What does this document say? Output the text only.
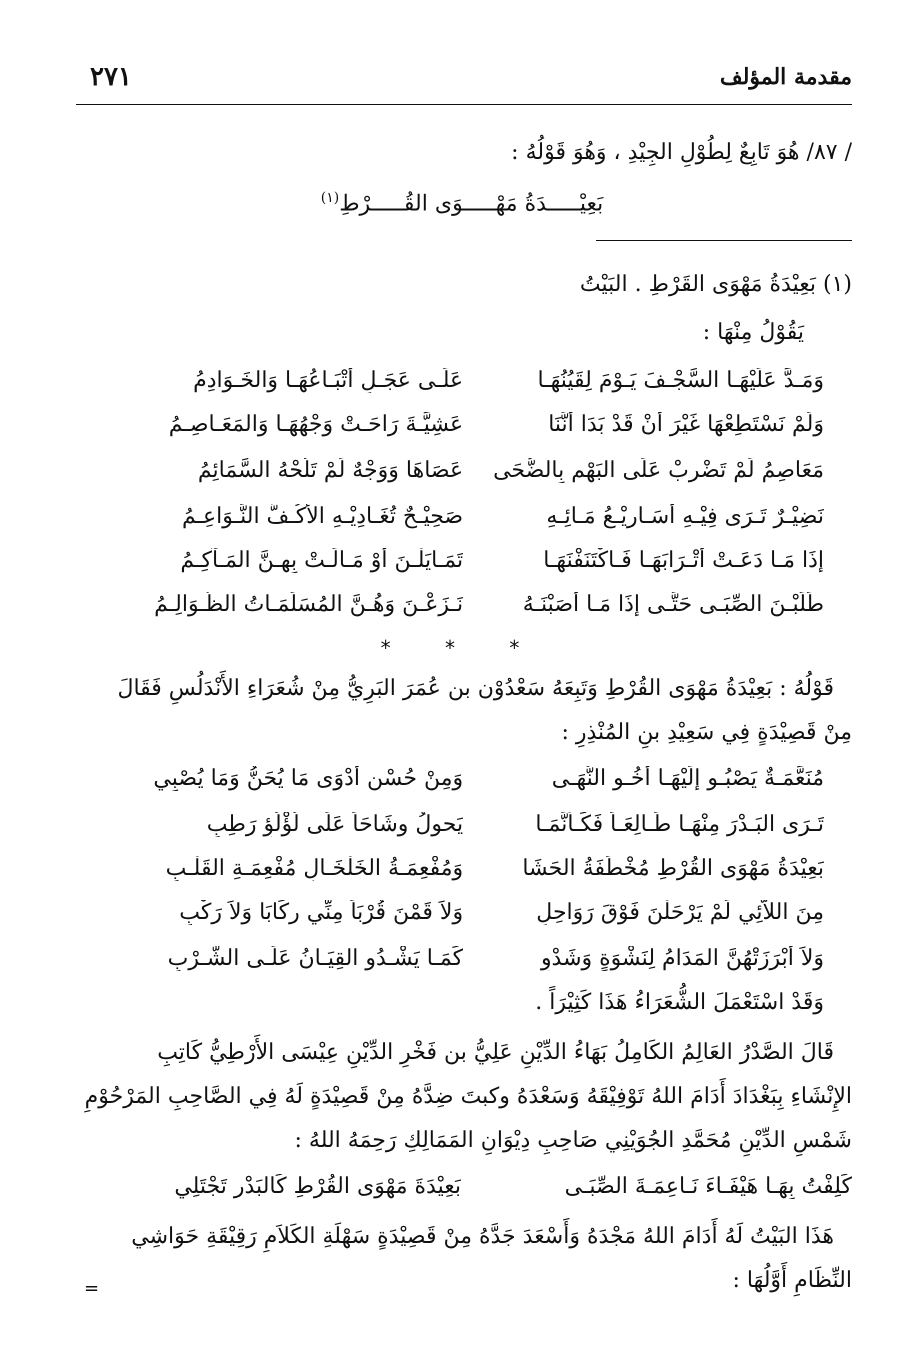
٢٧١	مقدمة المؤلف
/ ٨٧/ هُوَ تَابِعٌ لِطُوْلِ الجِيْدِ ، وَهُوَ قَوْلُهُ :
بَعِيْـــــدَةُ مَهْـــــوَى القُـــــرْطِ$^{(١)}$
(١) بَعِيْدَةُ مَهْوَى القَرْطِ . البَيْتُ
يَقُوْلُ مِنْهَا :
وَمَـدَّ عَلَيْهَـا السَّجْـفَ يَـوْمَ لِقَيُنُهَـا
عَلَـى عَجَـلٍ أَتْبَـاعُهَـا وَالخَـوَادِمُ
وَلَمْ نَسْتَطِعْهَا غَيْرَ أَنْ قَدْ بَدَا أَنَّنَا
عَشِيَّـةَ رَاحَـتْ وَجْهُهَـا وَالمَعَـاصِـمُ
مَعَاصِمُ لَمْ تَضْرِبْ عَلَى البَهْمِ بِالضُّحَى
عَصَاهَا وَوَجْهٌ لَمْ تَلُحْهُ السَّمَائِمُ
نَضِيْـرٌ تَـرَى فِيْـهِ أَسَـارِيْـعُ مَـائِـهِ
صَحِيْـحٌ تُغَـادِيْـهِ الأَكُـفُّ النَّـوَاعِـمُ
إِذَا مَـا دَعَـتْ أَتْـرَابَهَـا فَـاكْتَنَفْنَهَـا
تَمَـايَلْـنَ أَوْ مَـالَـتْ بِهِـنَّ المَـآكِـمُ
طَلَبْـنَ الصِّبَـى حَتَّـى إِذَا مَـا أَصَبْنَـهُ
نَـزَعْـنَ وَهُـنَّ المُسَلِّمَـاتُ الظَّـوَالِـمُ
* * *
قَوْلُهُ : بَعِيْدَةُ مَهْوَى القُرْطِ وَتَبِعَهُ سَعْدُوْن بن عُمَرَ البَرِيُّ مِنْ شُعَرَاءِ الأَنْدَلُسِ فَقَالَ
مِنْ قَصِيْدَةٍ فِي سَعِيْدِ بنِ المُنْذِرِ :
مُنَعَّمَـةٌ يَصْبُـو إِلَيْهَـا أَخُـو النُّهَـى
وَمِنْ حُسْنِ أَدْوَى مَا يُحَنُّ وَمَا يُصْبِي
تَـرَى البَـدْرَ مِنْهَـا طَـالِعَـاً فَكَـأَنَّمَـا
يَحوِلُ وِشَاحَاً عَلَى لُؤْلُؤٍ رَطِبِ
بَعِيْدَةُ مَهْوَى القُرْطِ مُخْطَفَةُ الحَشَا
وَمُفْعِمَـةُ الخَلْخَـالِ مُفْعِمَـةِ القَلْـبِ
مِنَ اللاَّئِي لَمْ يَرْحَلْنَ فَوْقَ رَوَاحِلٍ
وَلاَ قَمْنَ قُرْبَاً مِنِّي رِكَابَا وَلاَ رَكْبِ
وَلاَ أَبْرَزَتْهُنَّ المَدَامُ لِنَشْوَةٍ وَشَدْوٍ
كَمَـا يَشْـدُو القِيَـانُ عَلَـى الشَّـرْبِ
وَقَدْ اسْتَعْمَلَ الشُّعَرَاءُ هَذَا كَثِيْرَاً .
قَالَ الصَّدْرُ العَالِمُ الكَامِلُ بَهَاءُ الدِّيْنِ عَلِيُّ بن فَخْرِ الدِّيْنِ عِيْسَى الأَرْطِيُّ كَاتِبِ
الإِنْشَاءِ بِبَغْدَادَ أَدَامَ اللهُ تَوْفِيْقَهُ وَسَعْدَهُ وكبتَ ضِدَّهُ مِنْ قَصِيْدَةٍ لَهُ فِي الصَّاحِبِ المَرْحُوْمِ
شَمْسِ الدِّيْنِ مُحَمَّدِ الجُوَيْنِي صَاحِبِ دِيْوَانِ المَمَالِكِ رَحِمَهُ اللهُ :
كَلِفْتُ بِهَـا هَيْفَـاءَ نَـاعِمَـةَ الصِّبَـى
بَعِيْدَةَ مَهْوَى القُرْطِ كَالبَدْرِ تَجْتَلِي
هَذَا البَيْتُ لَهُ أَدَامَ اللهُ مَجْدَهُ وَأَسْعَدَ جَدَّهُ مِنْ قَصِيْدَةٍ سَهْلَةِ الكَلاَمِ رَقِيْقَةِ حَوَاشِي
النِّظَامِ أَوَّلُهَا :
=
